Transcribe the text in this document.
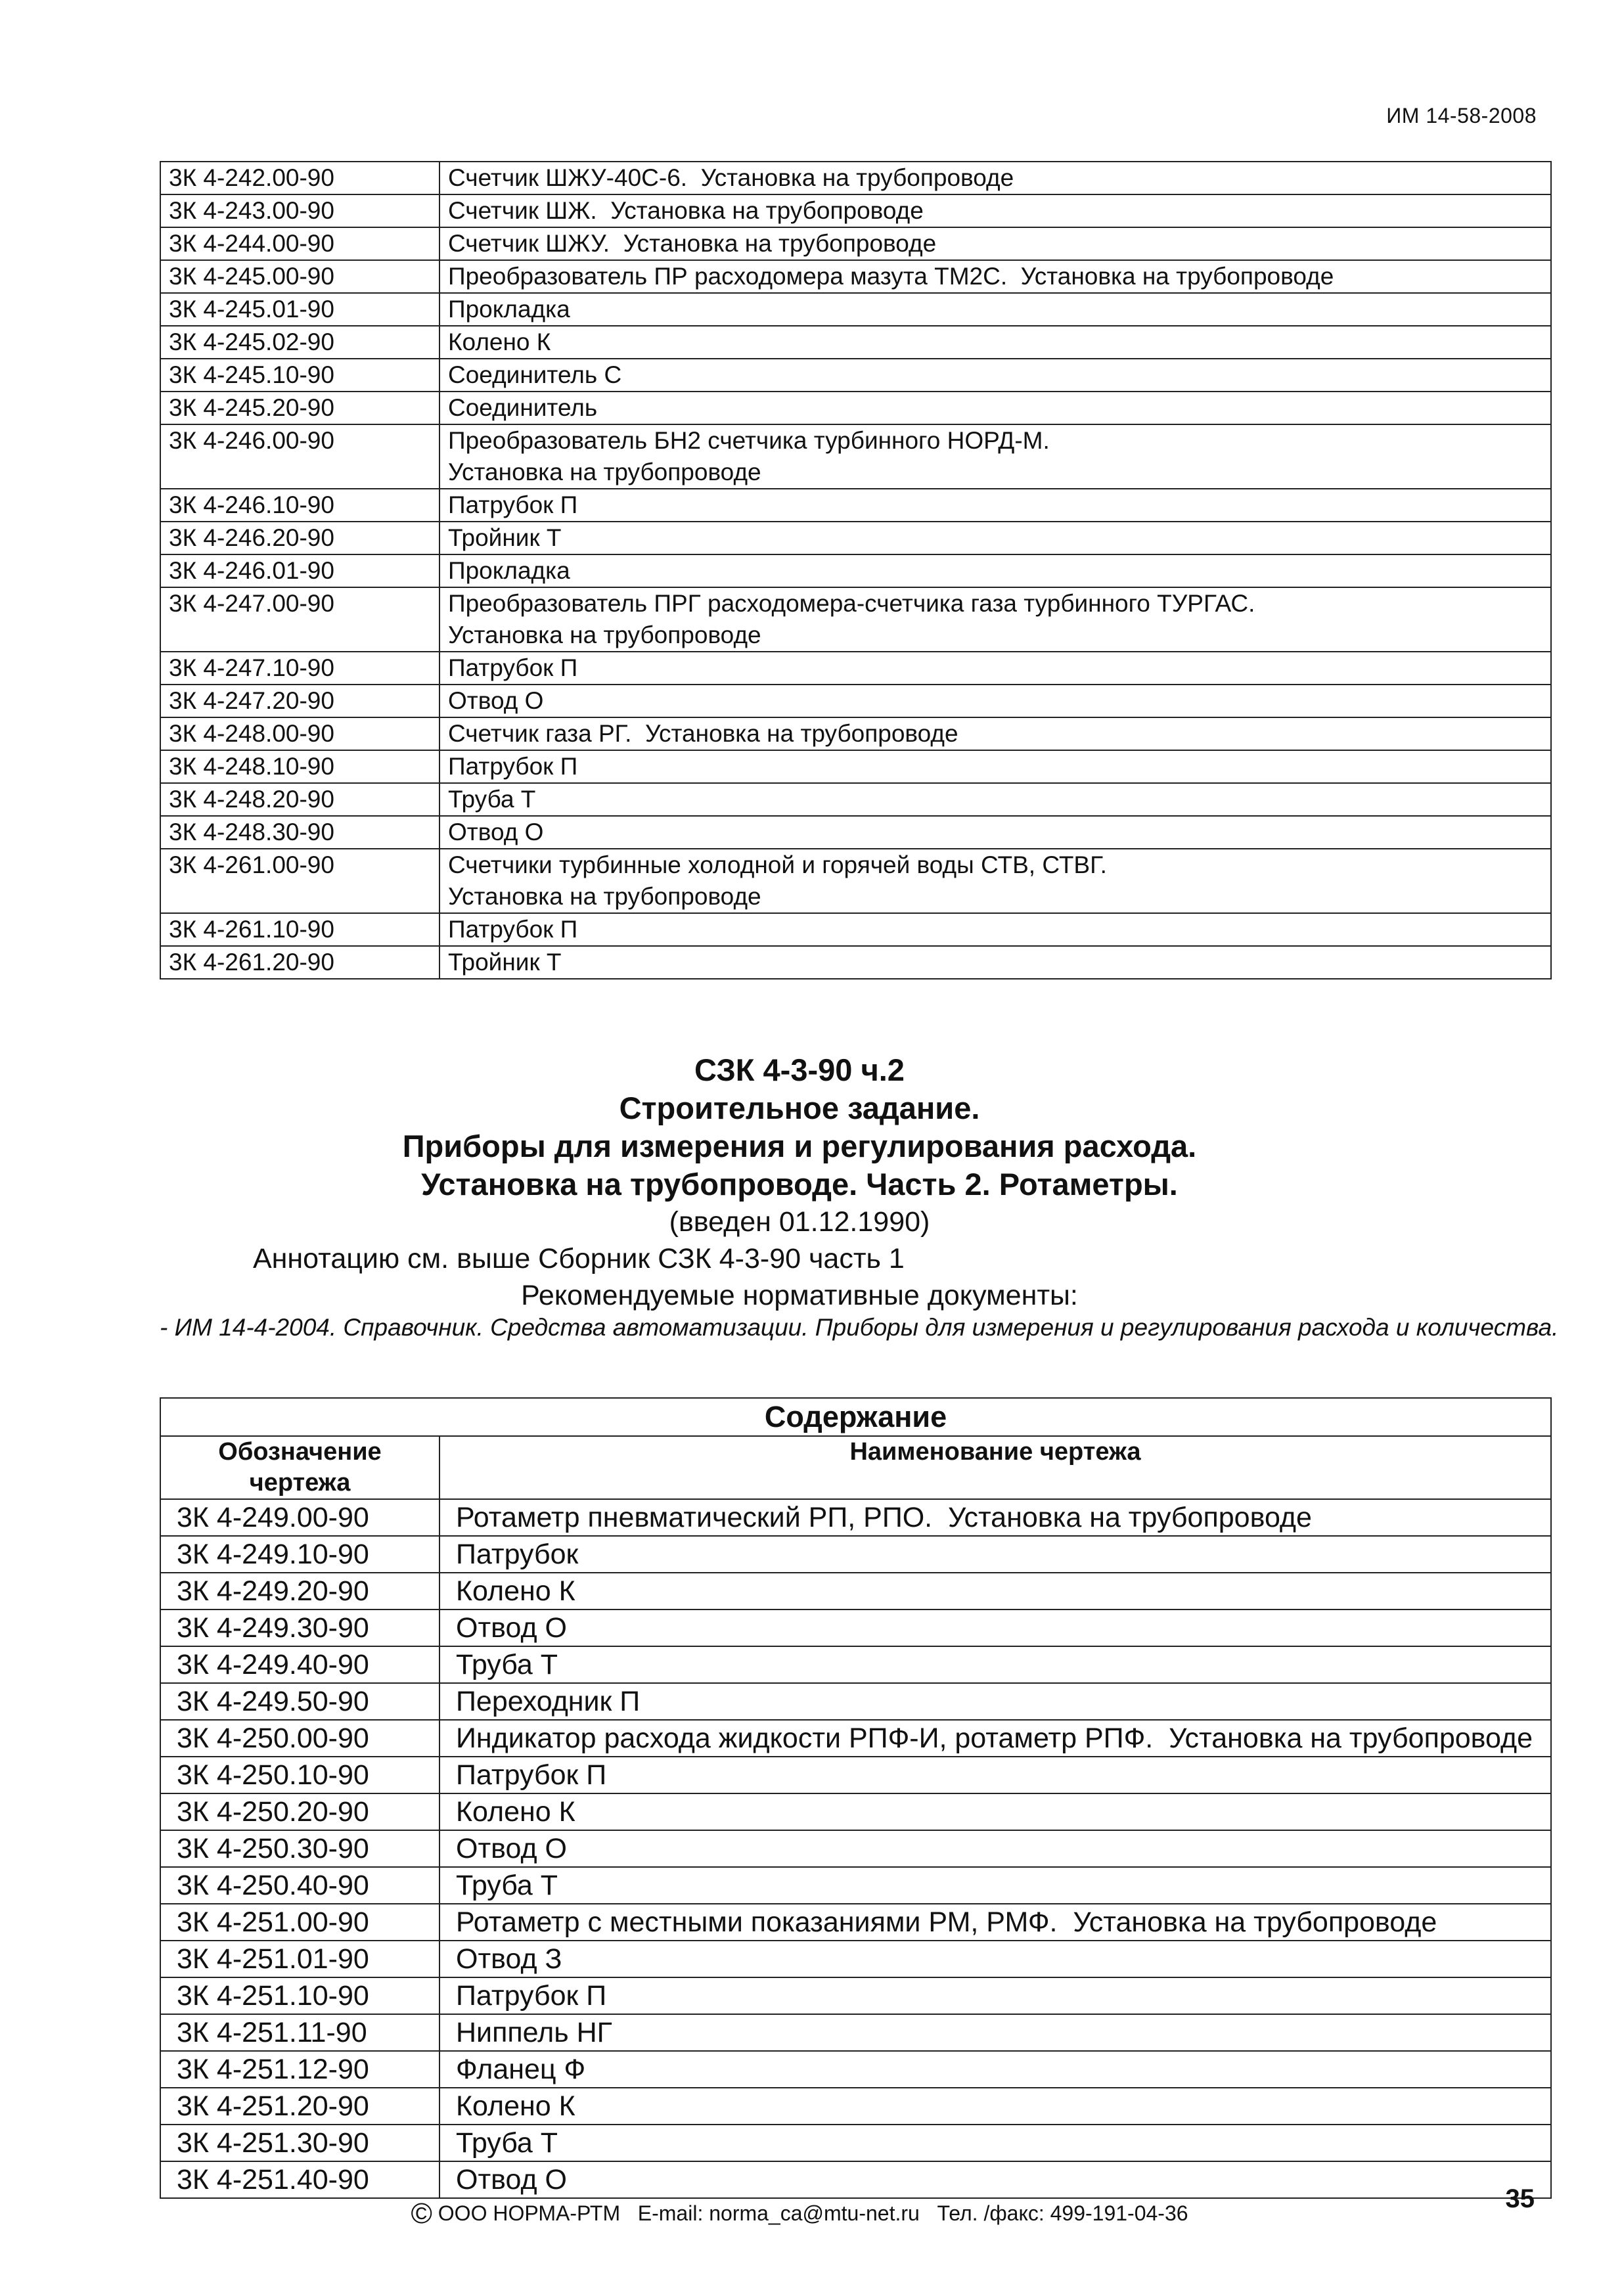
ИМ 14-58-2008
3К 4-242.00-90	Счетчик ШЖУ-40С-6.  Установка на трубопроводе

3К 4-243.00-90	Счетчик ШЖ.  Установка на трубопроводе

3К 4-244.00-90	Счетчик ШЖУ.  Установка на трубопроводе

3К 4-245.00-90	Преобразователь ПР расходомера мазута ТМ2С.  Установка на трубопроводе

3К 4-245.01-90	Прокладка

3К 4-245.02-90	Колено К

3К 4-245.10-90	Соединитель С

3К 4-245.20-90	Соединитель

3К 4-246.00-90	Преобразователь БН2 счетчика турбинного НОРД-М.
Установка на трубопроводе

3К 4-246.10-90	Патрубок П

3К 4-246.20-90	Тройник Т

3К 4-246.01-90	Прокладка

3К 4-247.00-90	Преобразователь ПРГ расходомера-счетчика газа турбинного ТУРГАС.
Установка на трубопроводе

3К 4-247.10-90	Патрубок П

3К 4-247.20-90	Отвод О

3К 4-248.00-90	Счетчик газа РГ.  Установка на трубопроводе

3К 4-248.10-90	Патрубок П

3К 4-248.20-90	Труба Т

3К 4-248.30-90	Отвод О

3К 4-261.00-90	Счетчики турбинные холодной и горячей воды СТВ, СТВГ.
Установка на трубопроводе

3К 4-261.10-90	Патрубок П

3К 4-261.20-90	Тройник Т
СЗК 4-3-90 ч.2
Строительное задание.
Приборы для измерения и регулирования расхода.
Установка на трубопроводе. Часть 2. Ротаметры.
(введен 01.12.1990)
Аннотацию см. выше Сборник СЗК 4-3-90 часть 1
Рекомендуемые нормативные документы:
- ИМ 14-4-2004. Справочник. Средства автоматизации. Приборы для измерения и регулирования расхода и количества.
Содержание	
Обозначение чертежа	Наименование чертежа
3К 4-249.00-90	Ротаметр пневматический РП, РПО.  Установка на трубопроводе

3К 4-249.10-90	Патрубок

3К 4-249.20-90	Колено К

3К 4-249.30-90	Отвод О

3К 4-249.40-90	Труба Т

3К 4-249.50-90	Переходник П

3К 4-250.00-90	Индикатор расхода жидкости РПФ-И, ротаметр РПФ.  Установка на трубопроводе

3К 4-250.10-90	Патрубок П

3К 4-250.20-90	Колено К

3К 4-250.30-90	Отвод О

3К 4-250.40-90	Труба Т

3К 4-251.00-90	Ротаметр с местными показаниями РМ, РМФ.  Установка на трубопроводе

3К 4-251.01-90	Отвод З

3К 4-251.10-90	Патрубок П

3К 4-251.11-90	Ниппель НГ

3К 4-251.12-90	Фланец Ф

3К 4-251.20-90	Колено К

3К 4-251.30-90	Труба Т

3К 4-251.40-90	Отвод О
© ООО НОРМА-РТМ E-mail: norma_ca@mtu-net.ru Тел. /факс: 499-191-04-36	35
